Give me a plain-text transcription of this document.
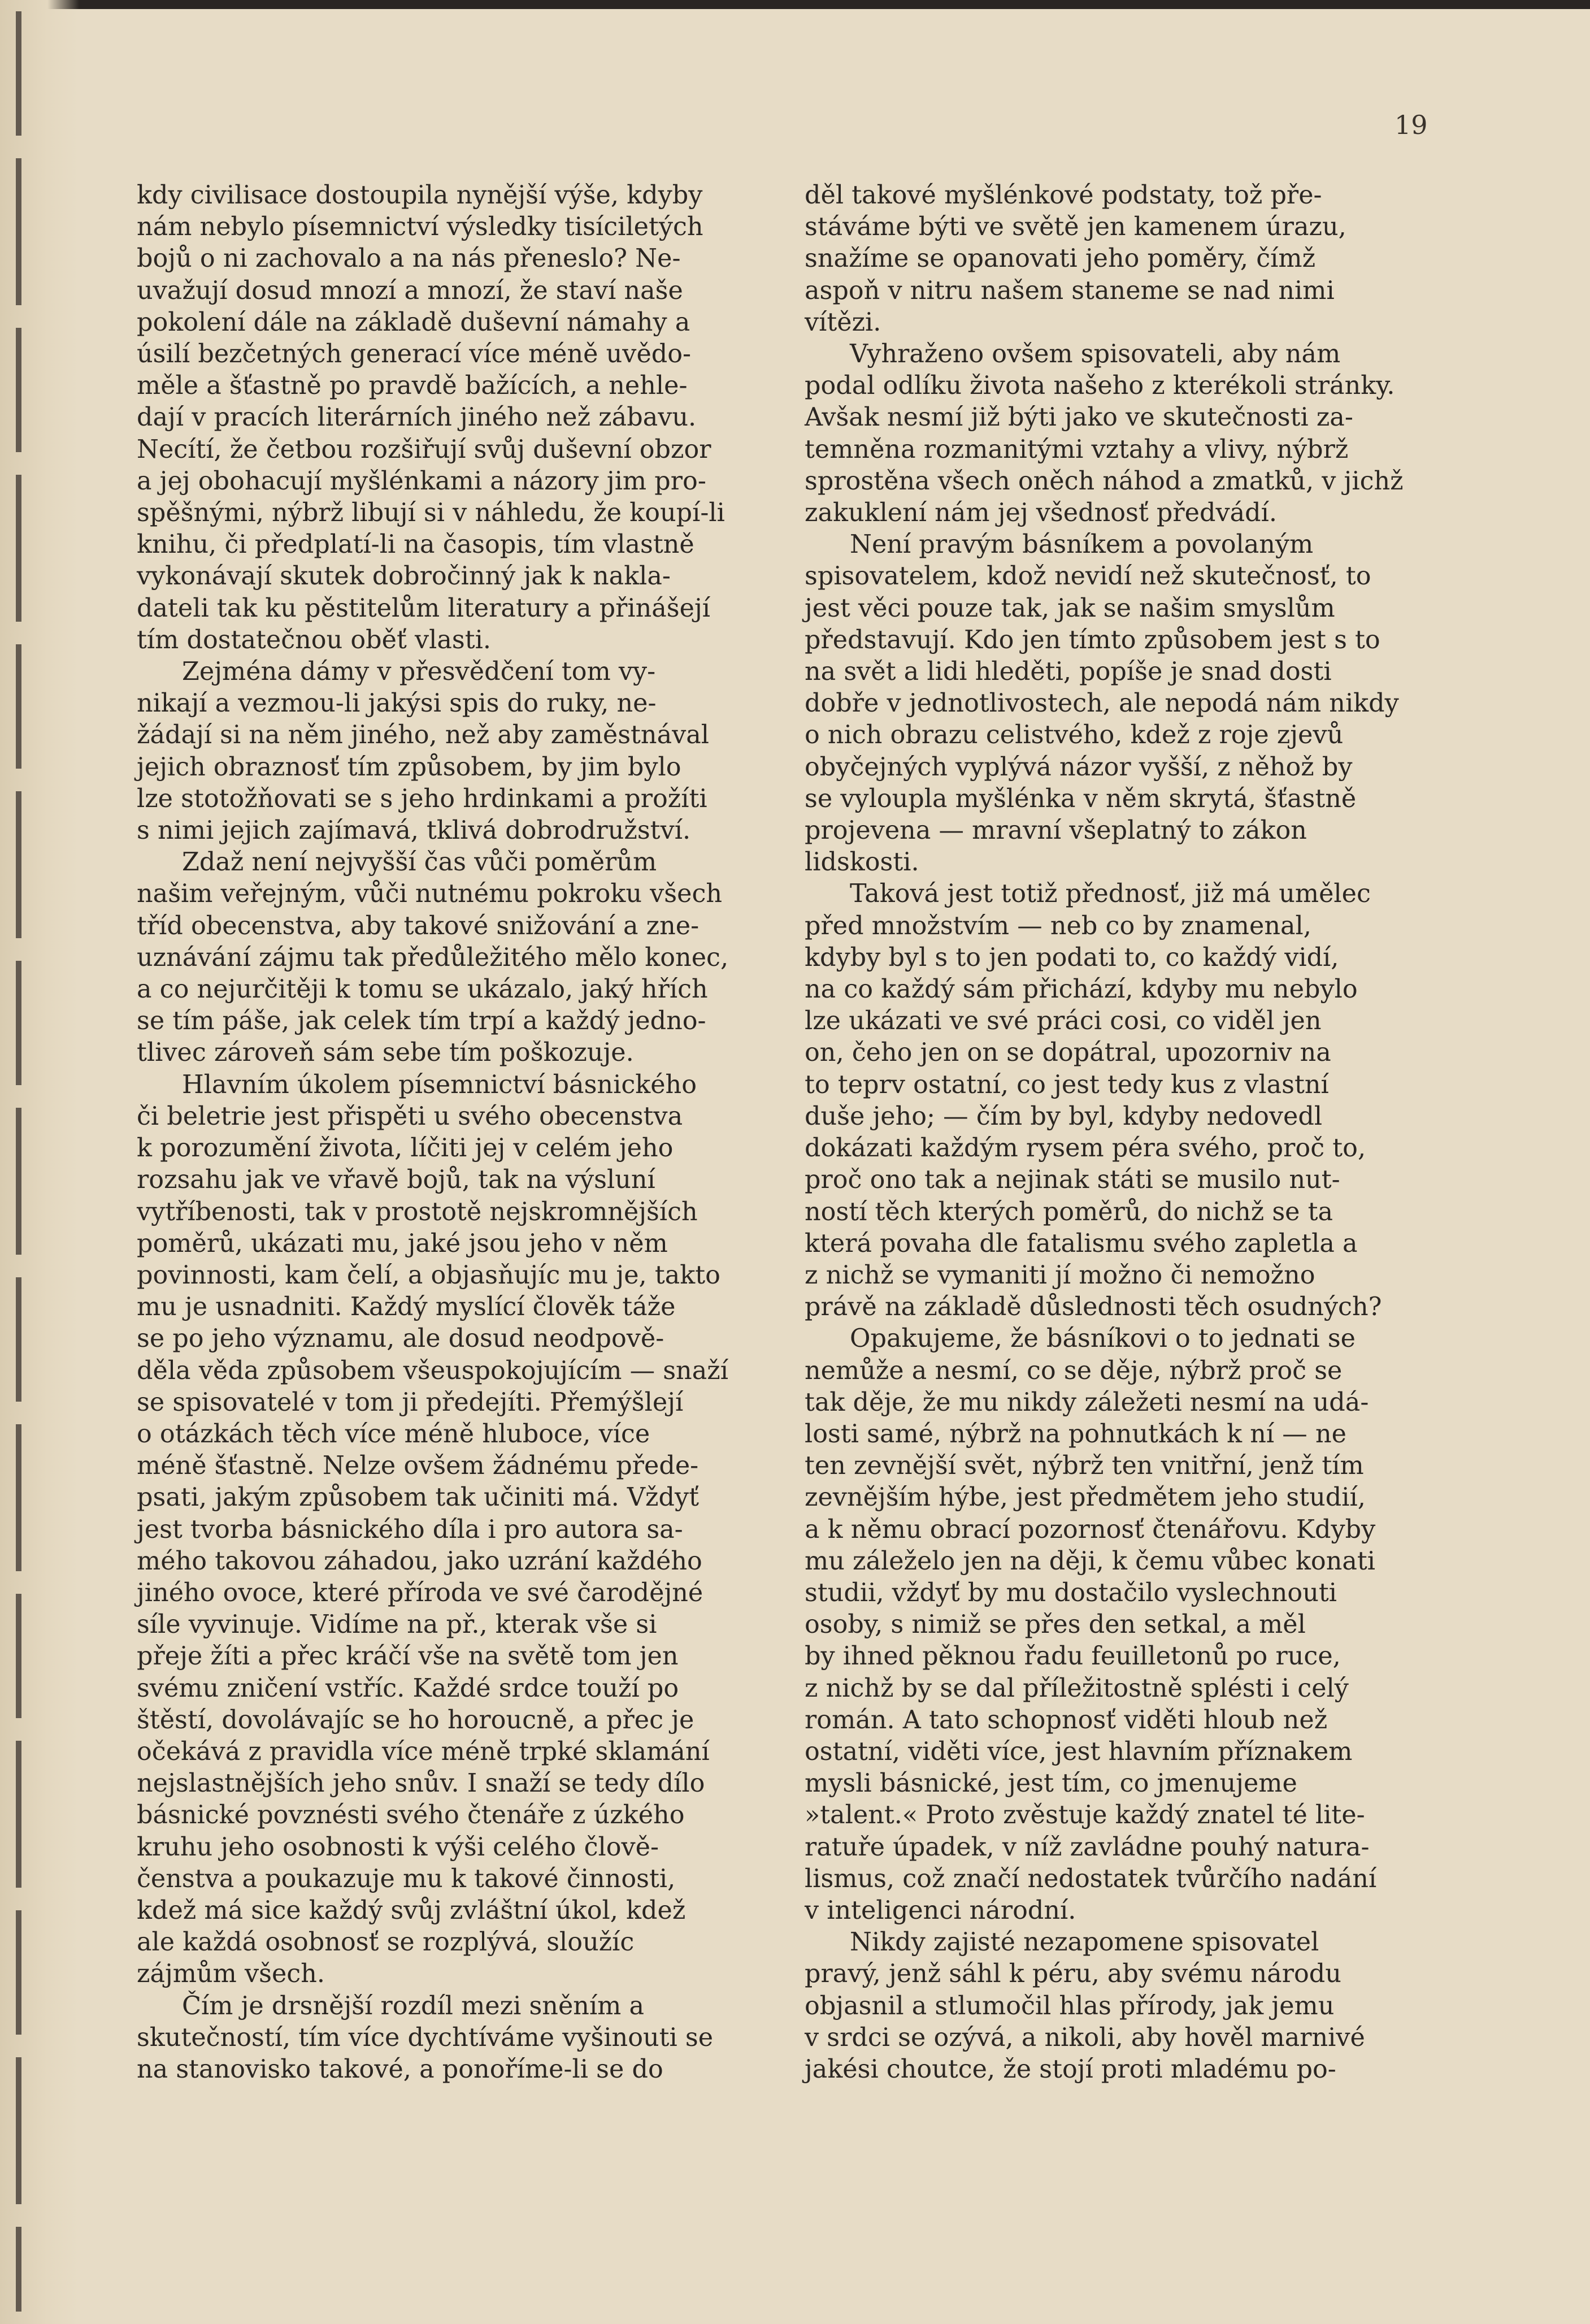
19

kdy civilisace dostoupila nynější výše, kdyby
nám nebylo písemnictví výsledky tisíciletých
bojů o ni zachovalo a na nás přeneslo? Ne-
uvažují dosud mnozí a mnozí, že staví naše
pokolení dále na základě duševní námahy a
úsilí bezčetných generací více méně uvědo-
měle a šťastně po pravdě bažících, a nehle-
dají v pracích literárních jiného než zábavu.
Necítí, že četbou rozšiřují svůj duševní obzor
a jej obohacují myšlénkami a názory jim pro-
spěšnými, nýbrž libují si v náhledu, že koupí-li
knihu, či předplatí-li na časopis, tím vlastně
vykonávají skutek dobročinný jak k nakla-
dateli tak ku pěstitelům literatury a přinášejí
tím dostatečnou oběť vlasti.

Zejména dámy v přesvědčení tom vy-
nikají a vezmou-li jakýsi spis do ruky, ne-
žádají si na něm jiného, než aby zaměstnával
jejich obraznosť tím způsobem, by jim bylo
lze stotožňovati se s jeho hrdinkami a prožíti
s nimi jejich zajímavá, tklivá dobrodružství.

Zdaž není nejvyšší čas vůči poměrům
našim veřejným, vůči nutnému pokroku všech
tříd obecenstva, aby takové snižování a zne-
uznávání zájmu tak předůležitého mělo konec,
a co nejurčitěji k tomu se ukázalo, jaký hřích
se tím páše, jak celek tím trpí a každý jedno-
tlivec zároveň sám sebe tím poškozuje.

Hlavním úkolem písemnictví básnického
či beletrie jest přispěti u svého obecenstva
k porozumění života, líčiti jej v celém jeho
rozsahu jak ve vřavě bojů, tak na výsluní
vytříbenosti, tak v prostotě nejskromnějších
poměrů, ukázati mu, jaké jsou jeho v něm
povinnosti, kam čelí, a objasňujíc mu je, takto
mu je usnadniti. Každý myslící člověk táže
se po jeho významu, ale dosud neodpově-
děla věda způsobem všeuspokojujícím — snaží
se spisovatelé v tom ji předejíti. Přemýšlejí
o otázkách těch více méně hluboce, více
méně šťastně. Nelze ovšem žádnému přede-
psati, jakým způsobem tak učiniti má. Vždyť
jest tvorba básnického díla i pro autora sa-
mého takovou záhadou, jako uzrání každého
jiného ovoce, které příroda ve své čarodějné
síle vyvinuje. Vidíme na př., kterak vše si
přeje žíti a přec kráčí vše na světě tom jen
svému zničení vstříc. Každé srdce touží po
štěstí, dovolávajíc se ho horoucně, a přec je
očekává z pravidla více méně trpké sklamání
nejslastnějších jeho snův. I snaží se tedy dílo
básnické povznésti svého čtenáře z úzkého
kruhu jeho osobnosti k výši celého člově-
čenstva a poukazuje mu k takové činnosti,
kdež má sice každý svůj zvláštní úkol, kdež
ale každá osobnosť se rozplývá, sloužíc
zájmům všech.

Čím je drsnější rozdíl mezi sněním a
skutečností, tím více dychtíváme vyšinouti se
na stanovisko takové, a ponoříme-li se do

děl takové myšlénkové podstaty, tož pře-
stáváme býti ve světě jen kamenem úrazu,
snažíme se opanovati jeho poměry, čímž
aspoň v nitru našem staneme se nad nimi
vítězi.

Vyhraženo ovšem spisovateli, aby nám
podal odlíku života našeho z kterékoli stránky.
Avšak nesmí již býti jako ve skutečnosti za-
temněna rozmanitými vztahy a vlivy, nýbrž
sprostěna všech oněch náhod a zmatků, v jichž
zakuklení nám jej všednosť předvádí.

Není pravým básníkem a povolaným
spisovatelem, kdož nevidí než skutečnosť, to
jest věci pouze tak, jak se našim smyslům
představují. Kdo jen tímto způsobem jest s to
na svět a lidi hleděti, popíše je snad dosti
dobře v jednotlivostech, ale nepodá nám nikdy
o nich obrazu celistvého, kdež z roje zjevů
obyčejných vyplývá názor vyšší, z něhož by
se vyloupla myšlénka v něm skrytá, šťastně
projevena — mravní všeplatný to zákon
lidskosti.

Taková jest totiž přednosť, již má umělec
před množstvím — neb co by znamenal,
kdyby byl s to jen podati to, co každý vidí,
na co každý sám přichází, kdyby mu nebylo
lze ukázati ve své práci cosi, co viděl jen
on, čeho jen on se dopátral, upozorniv na
to teprv ostatní, co jest tedy kus z vlastní
duše jeho; — čím by byl, kdyby nedovedl
dokázati každým rysem péra svého, proč to,
proč ono tak a nejinak státi se musilo nut-
ností těch kterých poměrů, do nichž se ta
která povaha dle fatalismu svého zapletla a
z nichž se vymaniti jí možno či nemožno
právě na základě důslednosti těch osudných?

Opakujeme, že básníkovi o to jednati se
nemůže a nesmí, co se děje, nýbrž proč se
tak děje, že mu nikdy záležeti nesmí na udá-
losti samé, nýbrž na pohnutkách k ní — ne
ten zevnější svět, nýbrž ten vnitřní, jenž tím
zevnějším hýbe, jest předmětem jeho studií,
a k němu obrací pozornosť čtenářovu. Kdyby
mu záleželo jen na ději, k čemu vůbec konati
studii, vždyť by mu dostačilo vyslechnouti
osoby, s nimiž se přes den setkal, a měl
by ihned pěknou řadu feuilletonů po ruce,
z nichž by se dal příležitostně splésti i celý
román. A tato schopnosť viděti hloub než
ostatní, viděti více, jest hlavním příznakem
mysli básnické, jest tím, co jmenujeme
»talent.« Proto zvěstuje každý znatel té lite-
ratuře úpadek, v níž zavládne pouhý natura-
lismus, což značí nedostatek tvůrčího nadání
v inteligenci národní.

Nikdy zajisté nezapomene spisovatel
pravý, jenž sáhl k péru, aby svému národu
objasnil a stlumočil hlas přírody, jak jemu
v srdci se ozývá, a nikoli, aby hověl marnivé
jakési choutce, že stojí proti mladému po-
